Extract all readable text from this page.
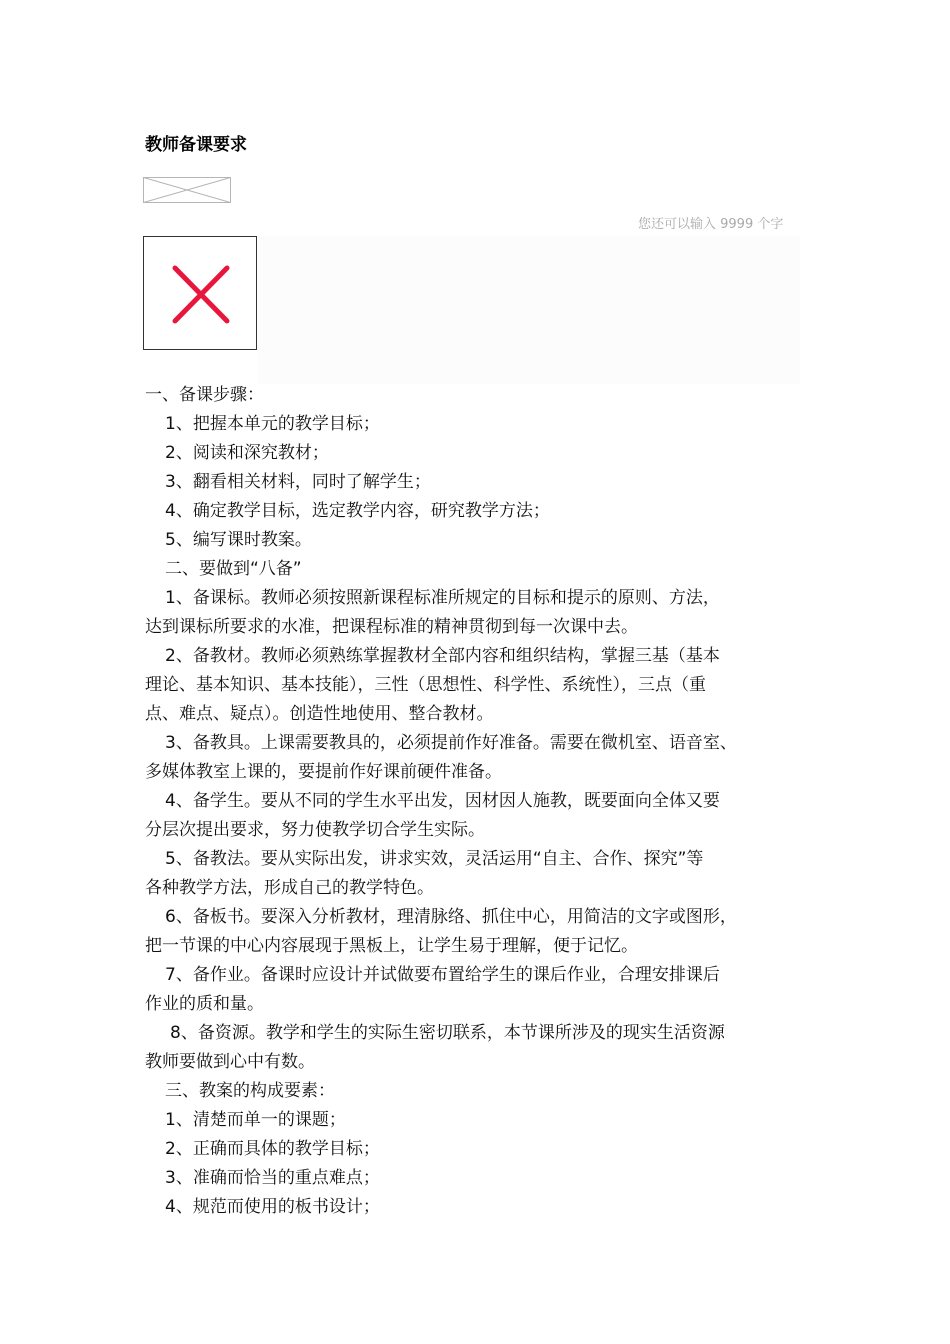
教师备课要求
您还可以输入 9999 个字

一、备课步骤：

1、把握本单元的教学目标；

2、阅读和深究教材；

3、翻看相关材料，同时了解学生；

4、确定教学目标，选定教学内容，研究教学方法；

5、编写课时教案。

二、要做到“八备”

1、备课标。教师必须按照新课程标准所规定的目标和提示的原则、方法，

达到课标所要求的水准，把课程标准的精神贯彻到每一次课中去。

2、备教材。教师必须熟练掌握教材全部内容和组织结构，掌握三基（基本

理论、基本知识、基本技能），三性（思想性、科学性、系统性），三点（重

点、难点、疑点）。创造性地使用、整合教材。

3、备教具。上课需要教具的，必须提前作好准备。需要在微机室、语音室、

多媒体教室上课的，要提前作好课前硬件准备。

4、备学生。要从不同的学生水平出发，因材因人施教，既要面向全体又要

分层次提出要求，努力使教学切合学生实际。

5、备教法。要从实际出发，讲求实效，灵活运用“自主、合作、探究”等

各种教学方法，形成自己的教学特色。

6、备板书。要深入分析教材，理清脉络、抓住中心，用简洁的文字或图形，

把一节课的中心内容展现于黑板上，让学生易于理解，便于记忆。

7、备作业。备课时应设计并试做要布置给学生的课后作业，合理安排课后

作业的质和量。

8、备资源。教学和学生的实际生密切联系，本节课所涉及的现实生活资源

教师要做到心中有数。

三、教案的构成要素：

1、清楚而单一的课题；

2、正确而具体的教学目标；

3、准确而恰当的重点难点；

4、规范而使用的板书设计；
